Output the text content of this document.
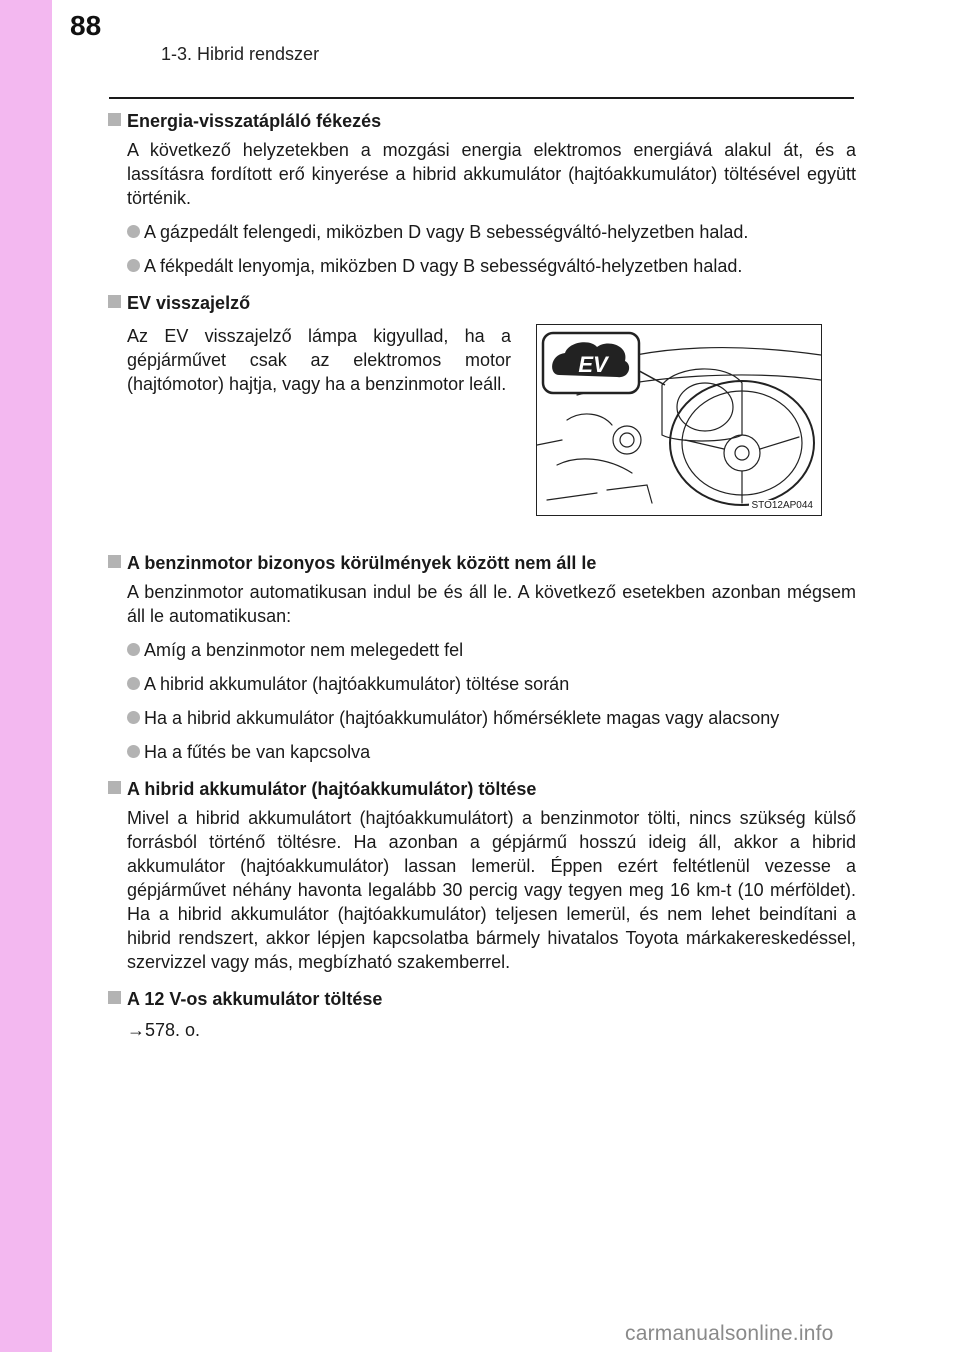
88
1-3. Hibrid rendszer
Energia-visszatápláló fékezés

A következő helyzetekben a mozgási energia elektromos energiává alakul át, és a lassításra fordított erő kinyerése a hibrid akkumulátor (hajtóakkumulátor) töltésével együtt történik.

A gázpedált felengedi, miközben D vagy B sebességváltó-helyzetben halad.
A fékpedált lenyomja, miközben D vagy B sebességváltó-helyzetben halad.
EV visszajelző

Az EV visszajelző lámpa kigyullad, ha a gépjárművet csak az elektromos motor (hajtómotor) hajtja, vagy ha a benzinmotor leáll.

EV
STO12AP044
A benzinmotor bizonyos körülmények között nem áll le

A benzinmotor automatikusan indul be és áll le. A következő esetekben azonban mégsem áll le automatikusan:

Amíg a benzinmotor nem melegedett fel
A hibrid akkumulátor (hajtóakkumulátor) töltése során
Ha a hibrid akkumulátor (hajtóakkumulátor) hőmérséklete magas vagy alacsony
Ha a fűtés be van kapcsolva
A hibrid akkumulátor (hajtóakkumulátor) töltése

Mivel a hibrid akkumulátort (hajtóakkumulátort) a benzinmotor tölti, nincs szükség külső forrásból történő töltésre. Ha azonban a gépjármű hosszú ideig áll, akkor a hibrid akkumulátor (hajtóakkumulátor) lassan lemerül. Éppen ezért feltétlenül vezesse a gépjárművet néhány havonta legalább 30 percig vagy tegyen meg 16 km-t (10 mérföldet). Ha a hibrid akkumulátor (hajtóakkumulátor) teljesen lemerül, és nem lehet beindítani a hibrid rendszert, akkor lépjen kapcsolatba bármely hivatalos Toyota márkakereskedéssel, szervizzel vagy más, megbízható szakemberrel.

A 12 V-os akkumulátor töltése

→578. o.

carmanualsonline.info
